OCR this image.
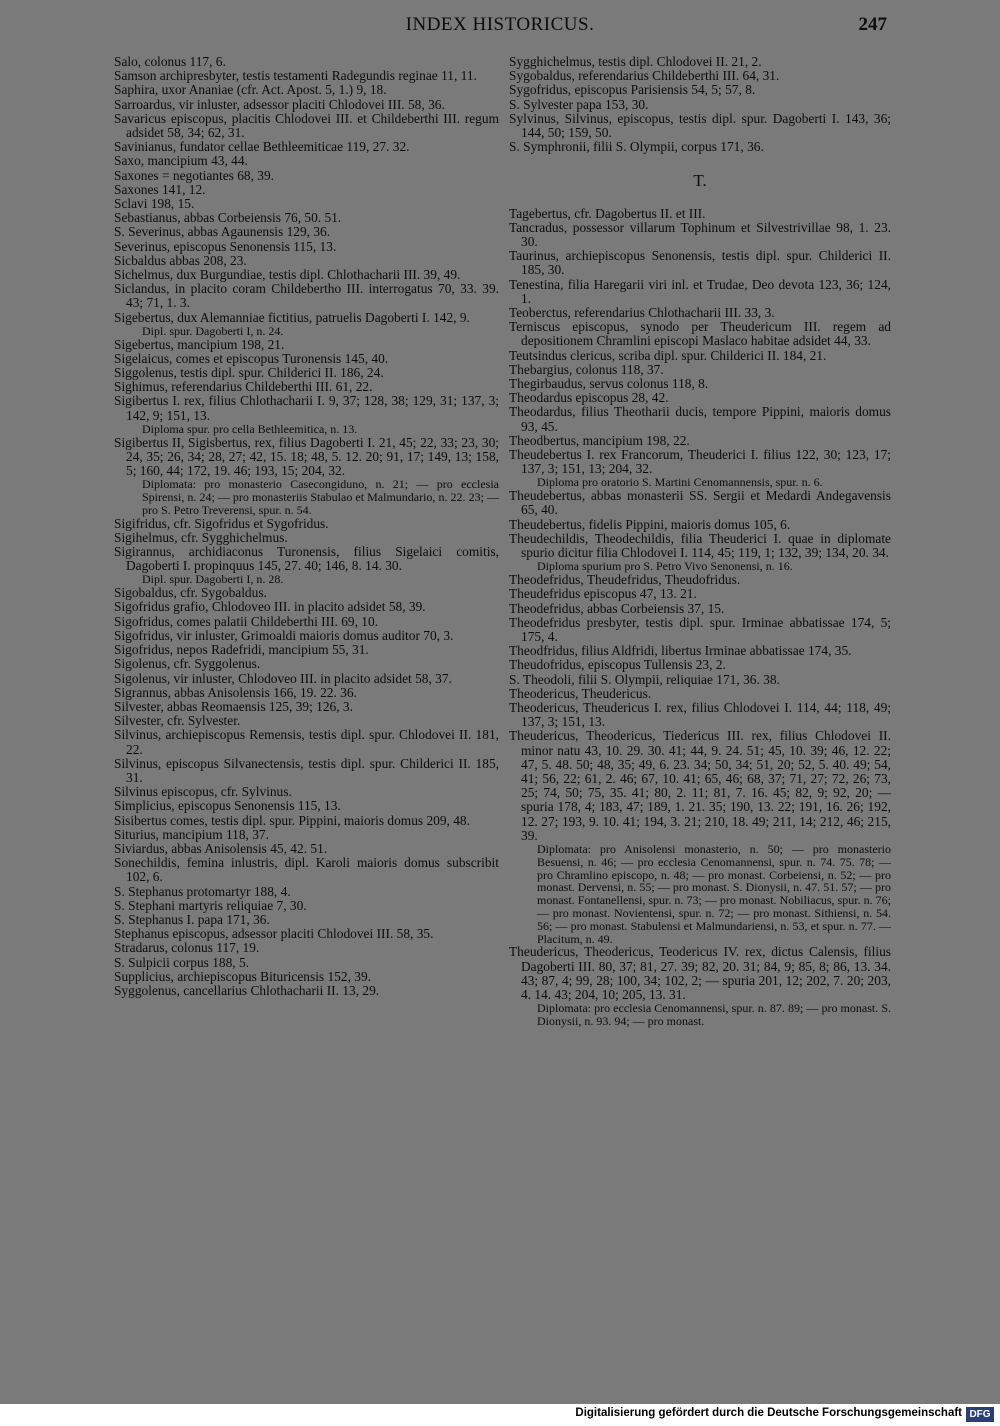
INDEX HISTORICUS.	247

Salo, colonus 117, 6.

Samson archipresbyter, testis testamenti Radegundis reginae 11, 11.

Saphira, uxor Ananiae (cfr. Act. Apost. 5, 1.) 9, 18.

Sarroardus, vir inluster, adsessor placiti Chlodovei III. 58, 36.

Savaricus episcopus, placitis Chlodovei III. et Childeberthi III. regum adsidet 58, 34; 62, 31.

Savinianus, fundator cellae Bethleemiticae 119, 27. 32.

Saxo, mancipium 43, 44.

Saxones = negotiantes 68, 39.

Saxones 141, 12.

Sclavi 198, 15.

Sebastianus, abbas Corbeiensis 76, 50. 51.

S. Severinus, abbas Agaunensis 129, 36.

Severinus, episcopus Senonensis 115, 13.

Sicbaldus abbas 208, 23.

Sichelmus, dux Burgundiae, testis dipl. Chlothacharii III. 39, 49.

Siclandus, in placito coram Childeberthο III. interrogatus 70, 33. 39. 43; 71, 1. 3.

Sigebertus, dux Alemanniae fictitius, patruelis Dagoberti I. 142, 9.

Dipl. spur. Dagoberti I, n. 24.

Sigebertus, mancipium 198, 21.

Sigelaicus, comes et episcopus Turonensis 145, 40.

Siggolenus, testis dipl. spur. Childerici II. 186, 24.

Sighimus, referendarius Childeberthi III. 61, 22.

Sigibertus I. rex, filius Chlothacharii I. 9, 37; 128, 38; 129, 31; 137, 3; 142, 9; 151, 13.

Diploma spur. pro cella Bethleemitica, n. 13.

Sigibertus II, Sigisbertus, rex, filius Dagoberti I. 21, 45; 22, 33; 23, 30; 24, 35; 26, 34; 28, 27; 42, 15. 18; 48, 5. 12. 20; 91, 17; 149, 13; 158, 5; 160, 44; 172, 19. 46; 193, 15; 204, 32.

Diplomata: pro monasterio Casecongiduno, n. 21; — pro ecclesia Spirensi, n. 24; — pro monasteriis Stabulao et Malmundario, n. 22. 23; — pro S. Petro Treverensi, spur. n. 54.

Sigifridus, cfr. Sigofridus et Sygofridus.

Sigihelmus, cfr. Sygghichelmus.

Sigirannus, archidiaconus Turonensis, filius Sigelaici comitis, Dagoberti I. propinquus 145, 27. 40; 146, 8. 14. 30.

Dipl. spur. Dagoberti I, n. 28.

Sigobaldus, cfr. Sygobaldus.

Sigofridus grafio, Chlodoveo III. in placito adsidet 58, 39.

Sigofridus, comes palatii Childeberthi III. 69, 10.

Sigofridus, vir inluster, Grimoaldi maioris domus auditor 70, 3.

Sigofridus, nepos Radefridi, mancipium 55, 31.

Sigolenus, cfr. Syggolenus.

Sigolenus, vir inluster, Chlodoveo III. in placito adsidet 58, 37.

Sigrannus, abbas Anisolensis 166, 19. 22. 36.

Silvester, abbas Reomaensis 125, 39; 126, 3.

Silvester, cfr. Sylvester.

Silvinus, archiepiscopus Remensis, testis dipl. spur. Chlodovei II. 181, 22.

Silvinus, episcopus Silvanectensis, testis dipl. spur. Childerici II. 185, 31.

Silvinus episcopus, cfr. Sylvinus.

Simplicius, episcopus Senonensis 115, 13.

Sisibertus comes, testis dipl. spur. Pippini, maioris domus 209, 48.

Siturius, mancipium 118, 37.

Siviardus, abbas Anisolensis 45, 42. 51.

Sonechildis, femina inlustris, dipl. Karoli maioris domus subscribit 102, 6.

S. Stephanus protomartyr 188, 4.

S. Stephani martyris reliquiae 7, 30.

S. Stephanus I. papa 171, 36.

Stephanus episcopus, adsessor placiti Chlodovei III. 58, 35.

Stradarus, colonus 117, 19.

S. Sulpicii corpus 188, 5.

Supplicius, archiepiscopus Bituricensis 152, 39.

Syggolenus, cancellarius Chlothacharii II. 13, 29.

Sygghichelmus, testis dipl. Chlodovei II. 21, 2.

Sygobaldus, referendarius Childeberthi III. 64, 31.

Sygofridus, episcopus Parisiensis 54, 5; 57, 8.

S. Sylvester papa 153, 30.

Sylvinus, Silvinus, episcopus, testis dipl. spur. Dagoberti I. 143, 36; 144, 50; 159, 50.

S. Symphronii, filii S. Olympii, corpus 171, 36.

T.

Tagebertus, cfr. Dagobertus II. et III.

Tancradus, possessor villarum Tophinum et Silvestrivillae 98, 1. 23. 30.

Taurinus, archiepiscopus Senonensis, testis dipl. spur. Childerici II. 185, 30.

Tenestina, filia Haregarii viri inl. et Trudae, Deo devota 123, 36; 124, 1.

Teoberctus, referendarius Chlothacharii III. 33, 3.

Terniscus episcopus, synodo per Theudericum III. regem ad depositionem Chramlini episcopi Maslaco habitae adsidet 44, 33.

Teutsindus clericus, scriba dipl. spur. Childerici II. 184, 21.

Thebargius, colonus 118, 37.

Thegirbaudus, servus colonus 118, 8.

Theodardus episcopus 28, 42.

Theodardus, filius Theotharii ducis, tempore Pippini, maioris domus 93, 45.

Theodbertus, mancipium 198, 22.

Theudebertus I. rex Francorum, Theuderici I. filius 122, 30; 123, 17; 137, 3; 151, 13; 204, 32.

Diploma pro oratorio S. Martini Cenomannensis, spur. n. 6.

Theudebertus, abbas monasterii SS. Sergii et Medardi Andegavensis 65, 40.

Theudebertus, fidelis Pippini, maioris domus 105, 6.

Theudechildis, Theodechildis, filia Theuderici I. quae in diplomate spurio dicitur filia Chlodovei I. 114, 45; 119, 1; 132, 39; 134, 20. 34.

Diploma spurium pro S. Petro Vivo Senonensi, n. 16.

Theodefridus, Theudefridus, Theudofridus.

Theudefridus episcopus 47, 13. 21.

Theodefridus, abbas Corbeiensis 37, 15.

Theodefridus presbyter, testis dipl. spur. Irminae abbatissae 174, 5; 175, 4.

Theodfridus, filius Aldfridi, libertus Irminae abbatissae 174, 35.

Theudofridus, episcopus Tullensis 23, 2.

S. Theodoli, filii S. Olympii, reliquiae 171, 36. 38.

Theodericus, Theudericus.

Theodericus, Theudericus I. rex, filius Chlodovei I. 114, 44; 118, 49; 137, 3; 151, 13.

Theudericus, Theodericus, Tiedericus III. rex, filius Chlodovei II. minor natu 43, 10. 29. 30. 41; 44, 9. 24. 51; 45, 10. 39; 46, 12. 22; 47, 5. 48. 50; 48, 35; 49, 6. 23. 34; 50, 34; 51, 20; 52, 5. 40. 49; 54, 41; 56, 22; 61, 2. 46; 67, 10. 41; 65, 46; 68, 37; 71, 27; 72, 26; 73, 25; 74, 50; 75, 35. 41; 80, 2. 11; 81, 7. 16. 45; 82, 9; 92, 20; — spuria 178, 4; 183, 47; 189, 1. 21. 35; 190, 13. 22; 191, 16. 26; 192, 12. 27; 193, 9. 10. 41; 194, 3. 21; 210, 18. 49; 211, 14; 212, 46; 215, 39.

Diplomata: pro Anisolensi monasterio, n. 50; — pro monasterio Besuensi, n. 46; — pro ecclesia Cenomannensi, spur. n. 74. 75. 78; — pro Chramlino episcopo, n. 48; — pro monast. Corbeiensi, n. 52; — pro monast. Dervensi, n. 55; — pro monast. S. Dionysii, n. 47. 51. 57; — pro monast. Fontanellensi, spur. n. 73; — pro monast. Nobiliacus, spur. n. 76; — pro monast. Novientensi, spur. n. 72; — pro monast. Sithiensi, n. 54. 56; — pro monast. Stabulensi et Malmundariensi, n. 53, et spur. n. 77. — Placitum, n. 49.

Theudericus, Theodericus, Teodericus IV. rex, dictus Calensis, filius Dagoberti III. 80, 37; 81, 27. 39; 82, 20. 31; 84, 9; 85, 8; 86, 13. 34. 43; 87, 4; 99, 28; 100, 34; 102, 2; — spuria 201, 12; 202, 7. 20; 203, 4. 14. 43; 204, 10; 205, 13. 31.

Diplomata: pro ecclesia Cenomannensi, spur. n. 87. 89; — pro monast. S. Dionysii, n. 93. 94; — pro monast.

Digitalisierung gefördert durch die Deutsche Forschungsgemeinschaft DFG
